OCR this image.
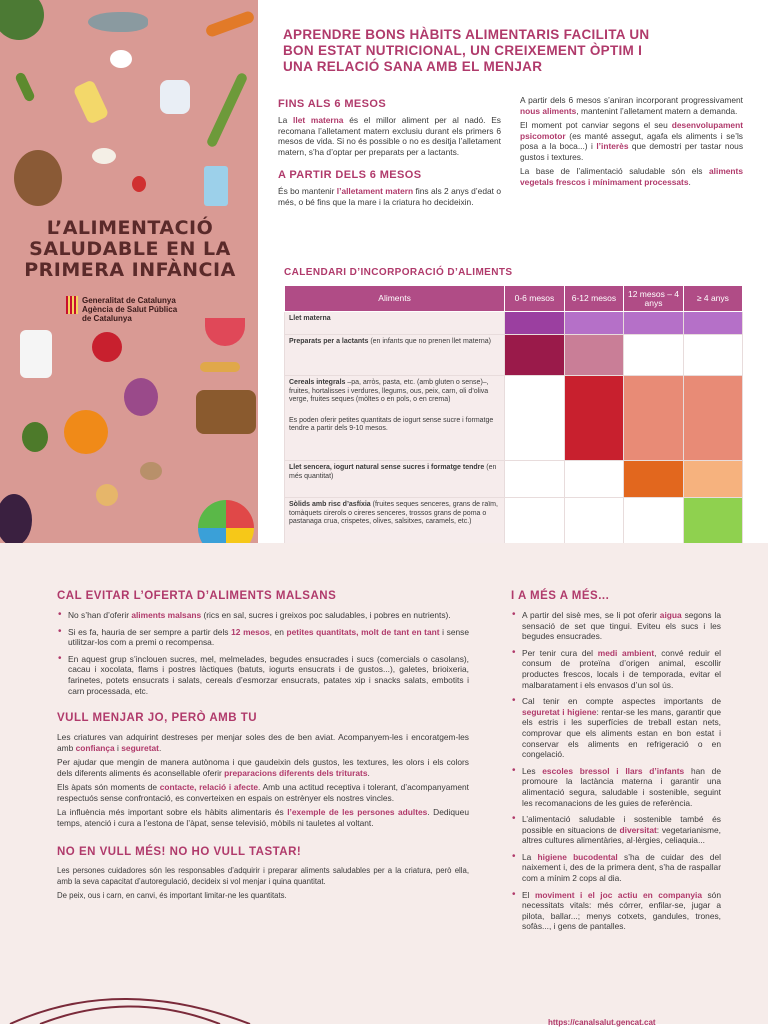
L’ALIMENTACIÓ
SALUDABLE EN LA
PRIMERA INFÀNCIA
Generalitat de Catalunya
Agència de Salut Pública
de Catalunya
APRENDRE BONS HÀBITS ALIMENTARIS FACILITA UN BON ESTAT NUTRICIONAL, UN CREIXEMENT ÒPTIM I UNA RELACIÓ SANA AMB EL MENJAR
FINS ALS 6 MESOS

La llet materna és el millor aliment per al nadó. Es recomana l’alletament matern exclusiu durant els primers 6 mesos de vida. Si no és possible o no es desitja l’alletament matern, s’ha d’optar per preparats per a lactants.

A PARTIR DELS 6 MESOS

És bo mantenir l’alletament matern fins als 2 anys d’edat o més, o bé fins que la mare i la criatura ho decideixin.

A partir dels 6 mesos s’aniran incorporant progressivament nous aliments, mantenint l’alletament matern a demanda.

El moment pot canviar segons el seu desenvolupament psicomotor (es manté assegut, agafa els aliments i se’ls posa a la boca...) i l’interès que demostri per tastar nous gustos i textures.

La base de l’alimentació saludable són els aliments vegetals frescos i mínimament processats.

CALENDARI D’INCORPORACIÓ D’ALIMENTS
Aliments	0-6 mesos	6-12 mesos	12 mesos – 4 anys	≥ 4 anys
Llet materna				
Preparats per a lactants (en infants que no prenen llet materna)				
Cereals integrals –pa, arròs, pasta, etc. (amb gluten o sense)–, fruites, hortalisses i verdures, llegums, ous, peix, carn, oli d’oliva verge, fruites seques (mòltes o en pols, o en crema)
Es poden oferir petites quantitats de iogurt sense sucre i formatge tendre a partir dels 9-10 mesos.				

Llet sencera, iogurt natural sense sucres i formatge tendre (en més quantitat)				
Sòlids amb risc d’asfíxia (fruites seques senceres, grans de raïm, tomàquets cirerols o cireres senceres, trossos grans de poma o pastanaga crua, crispetes, olives, salsitxes, caramels, etc.)				
CAL EVITAR L’OFERTA D’ALIMENTS MALSANS
• No s’han d’oferir aliments malsans (rics en sal, sucres i greixos poc saludables, i pobres en nutrients).
• Si es fa, hauria de ser sempre a partir dels 12 mesos, en petites quantitats, molt de tant en tant i sense utilitzar-los com a premi o recompensa.
• En aquest grup s’inclouen sucres, mel, melmelades, begudes ensucrades i sucs (comercials o casolans), cacau i xocolata, flams i postres làctiques (batuts, iogurts ensucrats i de gustos...), galetes, brioixeria, farinetes, potets ensucrats i salats, cereals d’esmorzar ensucrats, patates xip i snacks salats, embotits i carn processada, etc.
VULL MENJAR JO, PERÒ AMB TU

Les criatures van adquirint destreses per menjar soles des de ben aviat. Acompanyem-les i encoratgem-les amb confiança i seguretat.

Per ajudar que mengin de manera autònoma i que gaudeixin dels gustos, les textures, les olors i els colors dels diferents aliments és aconsellable oferir preparacions diferents dels triturats.

Els àpats són moments de contacte, relació i afecte. Amb una actitud receptiva i tolerant, d’acompanyament respectuós sense confrontació, es converteixen en espais on estrènyer els nostres vincles.

La influència més important sobre els hàbits alimentaris és l’exemple de les persones adultes. Dediqueu temps, atenció i cura a l’estona de l’àpat, sense televisió, mòbils ni tauletes al voltant.

NO EN VULL MÉS! NO HO VULL TASTAR!

Les persones cuidadores són les responsables d’adquirir i preparar aliments saludables per a la criatura, però ella, amb la seva capacitat d’autoregulació, decideix si vol menjar i quina quantitat.

De peix, ous i carn, en canvi, és important limitar-ne les quantitats.

I A MÉS A MÉS...
• A partir del sisè mes, se li pot oferir aigua segons la sensació de set que tingui. Eviteu els sucs i les begudes ensucrades.
• Per tenir cura del medi ambient, convé reduir el consum de proteïna d’origen animal, escollir productes frescos, locals i de temporada, evitar el malbaratament i els envasos d’un sol ús.
• Cal tenir en compte aspectes importants de seguretat i higiene: rentar-se les mans, garantir que els estris i les superfícies de treball estan nets, comprovar que els aliments estan en bon estat i conservar els aliments en refrigeració o en congelació.
• Les escoles bressol i llars d’infants han de promoure la lactància materna i garantir una alimentació segura, saludable i sostenible, seguint les recomanacions de les guies de referència.
• L’alimentació saludable i sostenible també és possible en situacions de diversitat: vegetarianisme, altres cultures alimentàries, al·lèrgies, celiaquia...
• La higiene bucodental s’ha de cuidar des del naixement i, des de la primera dent, s’ha de raspallar com a mínim 2 cops al dia.
• El moviment i el joc actiu en companyia són necessitats vitals: més córrer, enfilar-se, jugar a pilota, ballar...; menys cotxets, gandules, trones, sofàs..., i gens de pantalles.
https://canalsalut.gencat.cat
